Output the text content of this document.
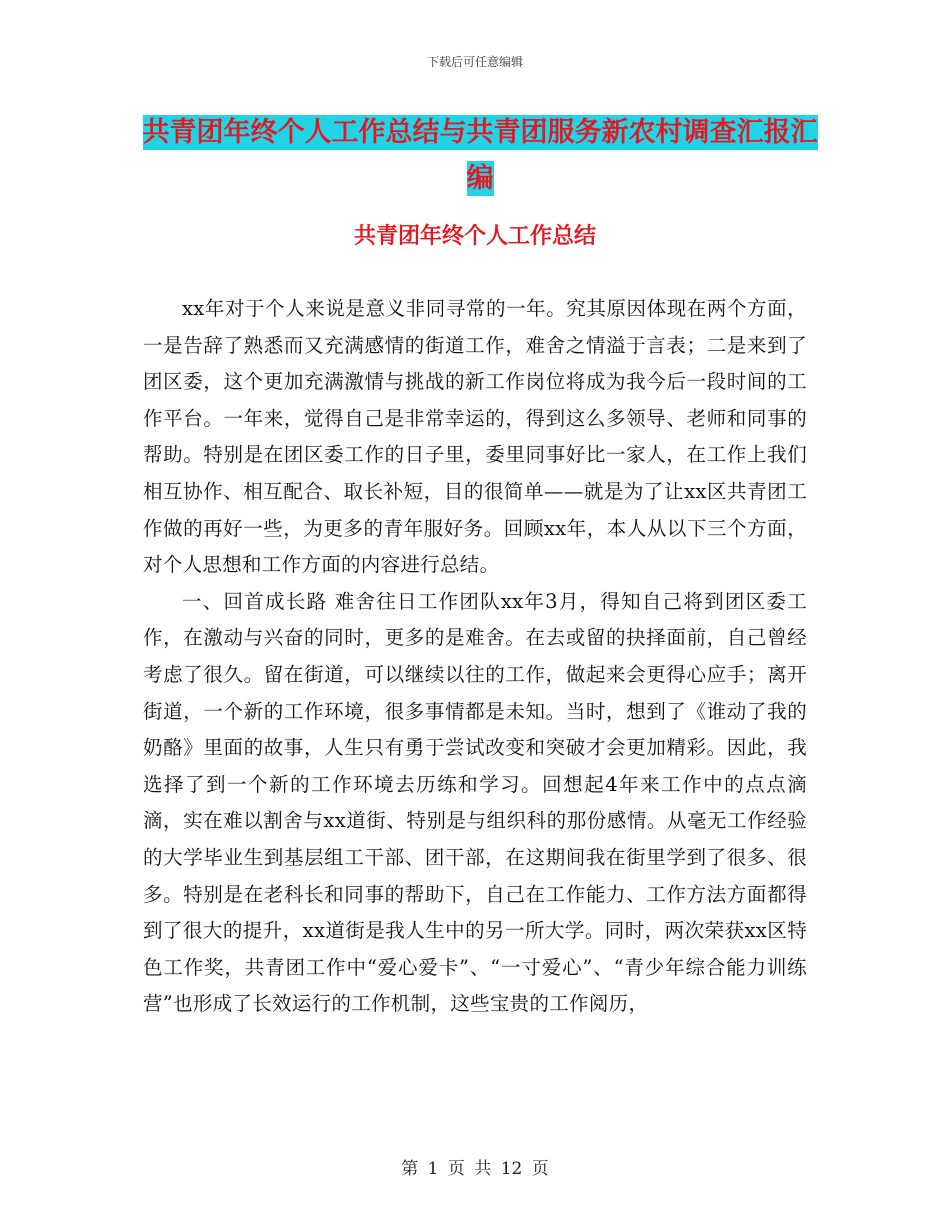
下载后可任意编辑
共青团年终个人工作总结与共青团服务新农村调查汇报汇编
共青团年终个人工作总结

xx年对于个人来说是意义非同寻常的一年。究其原因体现在两个方面，一是告辞了熟悉而又充满感情的街道工作，难舍之情溢于言表；二是来到了团区委，这个更加充满激情与挑战的新工作岗位将成为我今后一段时间的工作平台。一年来，觉得自己是非常幸运的，得到这么多领导、老师和同事的帮助。特别是在团区委工作的日子里，委里同事好比一家人，在工作上我们相互协作、相互配合、取长补短，目的很简单——就是为了让xx区共青团工作做的再好一些，为更多的青年服好务。回顾xx年，本人从以下三个方面，对个人思想和工作方面的内容进行总结。

一、回首成长路 难舍往日工作团队xx年3月，得知自己将到团区委工作，在激动与兴奋的同时，更多的是难舍。在去或留的抉择面前，自己曾经考虑了很久。留在街道，可以继续以往的工作，做起来会更得心应手；离开街道，一个新的工作环境，很多事情都是未知。当时，想到了《谁动了我的奶酪》里面的故事，人生只有勇于尝试改变和突破才会更加精彩。因此，我选择了到一个新的工作环境去历练和学习。回想起4年来工作中的点点滴滴，实在难以割舍与xx道街、特别是与组织科的那份感情。从毫无工作经验的大学毕业生到基层组工干部、团干部，在这期间我在街里学到了很多、很多。特别是在老科长和同事的帮助下，自己在工作能力、工作方法方面都得到了很大的提升，xx道街是我人生中的另一所大学。同时，两次荣获xx区特色工作奖，共青团工作中“爱心爱卡”、“一寸爱心”、“青少年综合能力训练营”也形成了长效运行的工作机制，这些宝贵的工作阅历，

第 1 页 共 12 页
